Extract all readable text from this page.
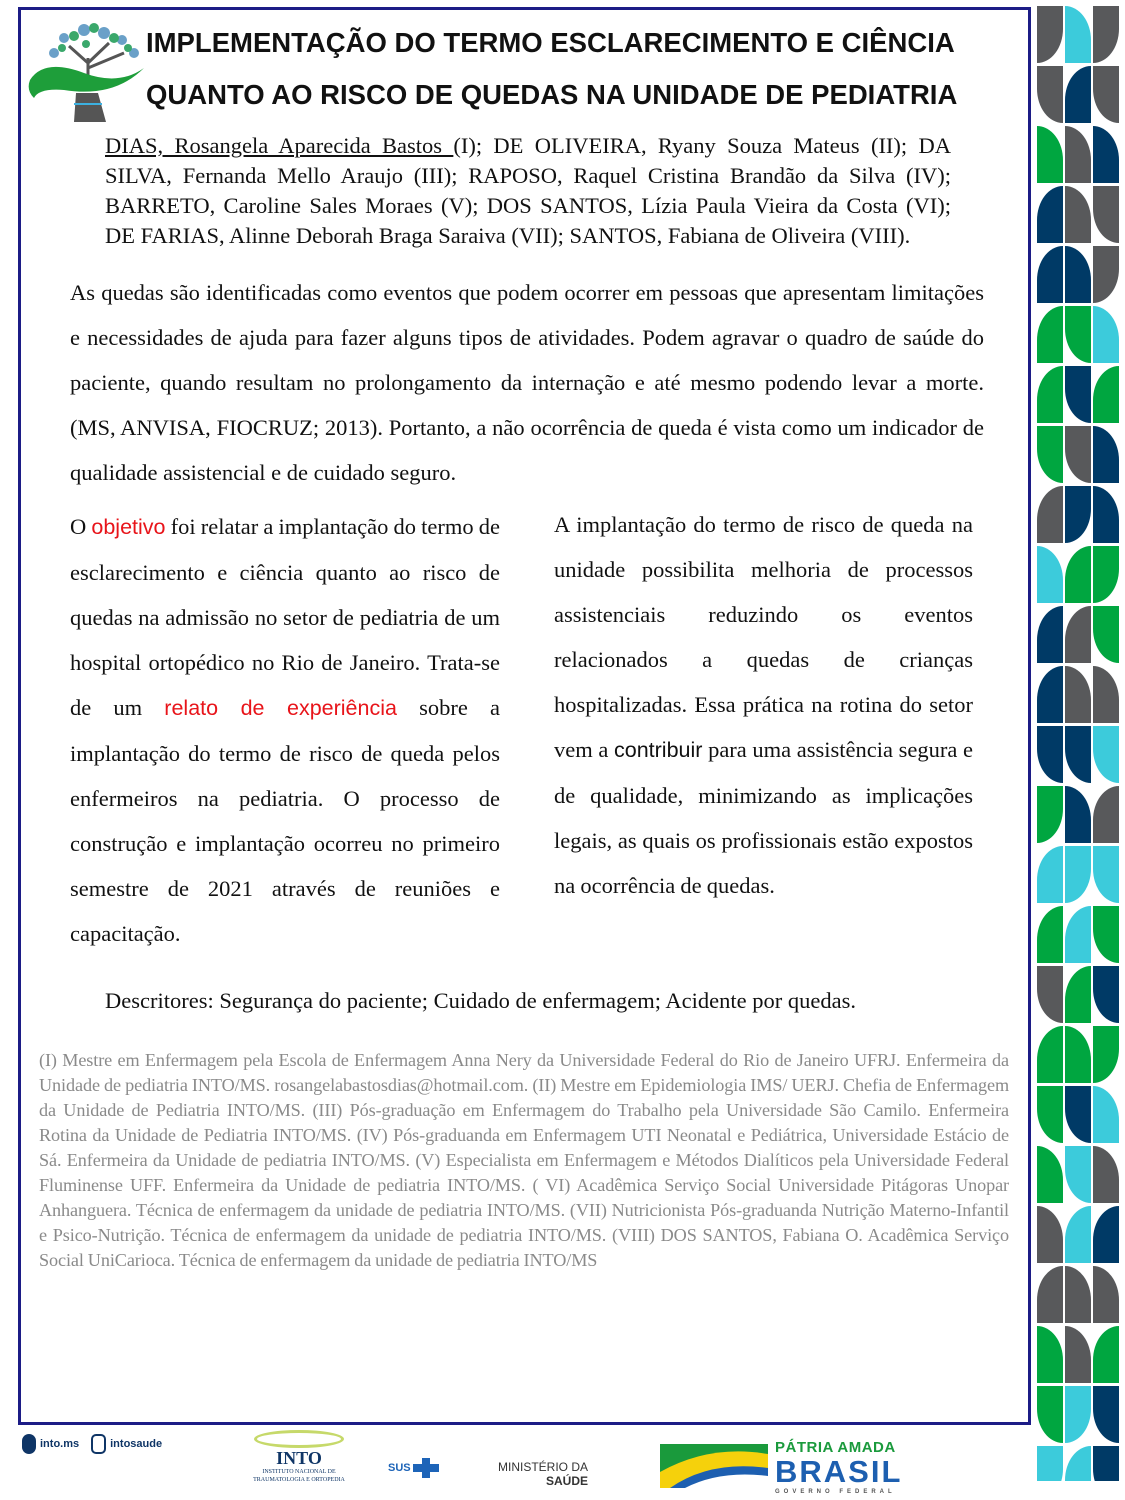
IMPLEMENTAÇÃO DO TERMO ESCLARECIMENTO E CIÊNCIA
QUANTO AO RISCO DE QUEDAS NA UNIDADE DE PEDIATRIA
DIAS, Rosangela Aparecida Bastos (I); DE OLIVEIRA, Ryany Souza Mateus (II); DA SILVA, Fernanda Mello Araujo (III); RAPOSO, Raquel Cristina Brandão da Silva (IV); BARRETO, Caroline Sales Moraes (V); DOS SANTOS, Lízia Paula Vieira da Costa (VI); DE FARIAS, Alinne Deborah Braga Saraiva (VII); SANTOS, Fabiana de Oliveira (VIII).
As quedas são identificadas como eventos que podem ocorrer em pessoas que apresentam limitações e necessidades de ajuda para fazer alguns tipos de atividades. Podem agravar o quadro de saúde do paciente, quando resultam no prolongamento da internação e até mesmo podendo levar a morte. (MS, ANVISA, FIOCRUZ; 2013). Portanto, a não ocorrência de queda é vista como um indicador de qualidade assistencial e de cuidado seguro.
O objetivo foi relatar a implantação do termo de esclarecimento e ciência quanto ao risco de quedas na admissão no setor de pediatria de um hospital ortopédico no Rio de Janeiro. Trata-se de um relato de experiência sobre a implantação do termo de risco de queda pelos enfermeiros na pediatria. O processo de construção e implantação ocorreu no primeiro semestre de 2021 através de reuniões e capacitação.
A implantação do termo de risco de queda na unidade possibilita melhoria de processos assistenciais reduzindo os eventos relacionados a quedas de crianças hospitalizadas. Essa prática na rotina do setor vem a contribuir para uma assistência segura e de qualidade, minimizando as implicações legais, as quais os profissionais estão expostos na ocorrência de quedas.
Descritores: Segurança do paciente; Cuidado de enfermagem; Acidente por quedas.
(I) Mestre em Enfermagem pela Escola de Enfermagem Anna Nery da Universidade Federal do Rio de Janeiro UFRJ. Enfermeira da Unidade de pediatria INTO/MS. rosangelabastosdias@hotmail.com. (II) Mestre em Epidemiologia IMS/ UERJ. Chefia de Enfermagem da Unidade de Pediatria INTO/MS. (III) Pós-graduação em Enfermagem do Trabalho pela Universidade São Camilo. Enfermeira Rotina da Unidade de Pediatria INTO/MS. (IV) Pós-graduanda em Enfermagem UTI Neonatal e Pediátrica, Universidade Estácio de Sá. Enfermeira da Unidade de pediatria INTO/MS. (V) Especialista em Enfermagem e Métodos Dialíticos pela Universidade Federal Fluminense UFF. Enfermeira da Unidade de pediatria INTO/MS. ( VI) Acadêmica Serviço Social Universidade Pitágoras Unopar Anhanguera. Técnica de enfermagem da unidade de pediatria INTO/MS. (VII) Nutricionista Pós-graduanda Nutrição Materno-Infantil e Psico-Nutrição. Técnica de enfermagem da unidade de pediatria INTO/MS. (VIII) DOS SANTOS, Fabiana O. Acadêmica Serviço Social UniCarioca. Técnica de enfermagem da unidade de pediatria INTO/MS
into.ms	intosaude
INTO
INSTITUTO NACIONAL DE TRAUMATOLOGIA E ORTOPEDIA
SUS	MINISTÉRIO DA
SAÚDE
PÁTRIA AMADA
BRASIL
GOVERNO FEDERAL
